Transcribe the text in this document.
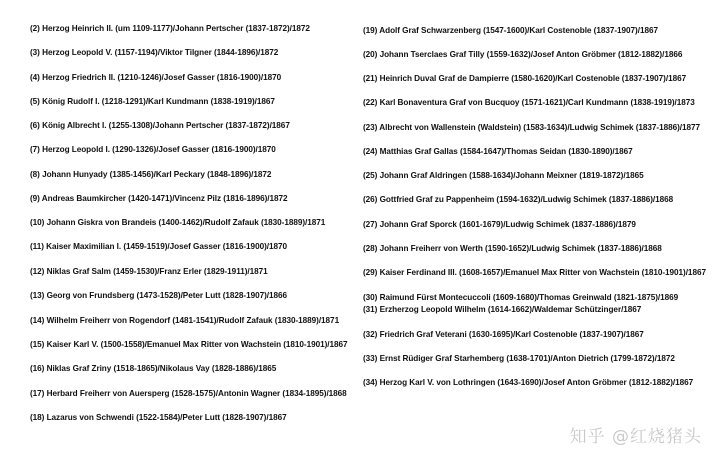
(2) Herzog Heinrich II. (um 1109-1177)/Johann Pertscher (1837-1872)/1872
(3) Herzog Leopold V. (1157-1194)/Viktor Tilgner (1844-1896)/1872
(4) Herzog Friedrich II. (1210-1246)/Josef Gasser (1816-1900)/1870
(5) König Rudolf I. (1218-1291)/Karl Kundmann (1838-1919)/1867
(6) König Albrecht I. (1255-1308)/Johann Pertscher (1837-1872)/1867
(7) Herzog Leopold I. (1290-1326)/Josef Gasser (1816-1900)/1870
(8) Johann Hunyady (1385-1456)/Karl Peckary (1848-1896)/1872
(9) Andreas Baumkircher (1420-1471)/Vincenz Pilz (1816-1896)/1872
(10) Johann Giskra von Brandeis (1400-1462)/Rudolf Zafauk (1830-1889)/1871
(11) Kaiser Maximilian I. (1459-1519)/Josef Gasser (1816-1900)/1870
(12) Niklas Graf Salm (1459-1530)/Franz Erler (1829-1911)/1871
(13) Georg von Frundsberg (1473-1528)/Peter Lutt (1828-1907)/1866
(14) Wilhelm Freiherr von Rogendorf (1481-1541)/Rudolf Zafauk (1830-1889)/1871
(15) Kaiser Karl V. (1500-1558)/Emanuel Max Ritter von Wachstein (1810-1901)/1867
(16) Niklas Graf Zriny (1518-1865)/Nikolaus Vay (1828-1886)/1865
(17) Herbard Freiherr von Auersperg (1528-1575)/Antonin Wagner (1834-1895)/1868
(18) Lazarus von Schwendi (1522-1584)/Peter Lutt (1828-1907)/1867
(19) Adolf Graf Schwarzenberg (1547-1600)/Karl Costenoble (1837-1907)/1867
(20) Johann Tserclaes Graf Tilly (1559-1632)/Josef Anton Gröbmer (1812-1882)/1866
(21) Heinrich Duval Graf de Dampierre (1580-1620)/Karl Costenoble (1837-1907)/1867
(22) Karl Bonaventura Graf von Bucquoy (1571-1621)/Carl Kundmann (1838-1919)/1873
(23) Albrecht von Wallenstein (Waldstein) (1583-1634)/Ludwig Schimek (1837-1886)/1877
(24) Matthias Graf Gallas (1584-1647)/Thomas Seidan (1830-1890)/1867
(25) Johann Graf Aldringen (1588-1634)/Johann Meixner (1819-1872)/1865
(26) Gottfried Graf zu Pappenheim (1594-1632)/Ludwig Schimek (1837-1886)/1868
(27) Johann Graf Sporck (1601-1679)/Ludwig Schimek (1837-1886)/1879
(28) Johann Freiherr von Werth (1590-1652)/Ludwig Schimek (1837-1886)/1868
(29) Kaiser Ferdinand III. (1608-1657)/Emanuel Max Ritter von Wachstein (1810-1901)/1867
(30) Raimund Fürst Montecuccoli (1609-1680)/Thomas Greinwald (1821-1875)/1869
(31) Erzherzog Leopold Wilhelm (1614-1662)/Waldemar Schützinger/1867
(32) Friedrich Graf Veterani (1630-1695)/Karl Costenoble (1837-1907)/1867
(33) Ernst Rüdiger Graf Starhemberg (1638-1701)/Anton Dietrich (1799-1872)/1872
(34) Herzog Karl V. von Lothringen (1643-1690)/Josef Anton Gröbmer (1812-1882)/1867
知乎 @红烧猪头
